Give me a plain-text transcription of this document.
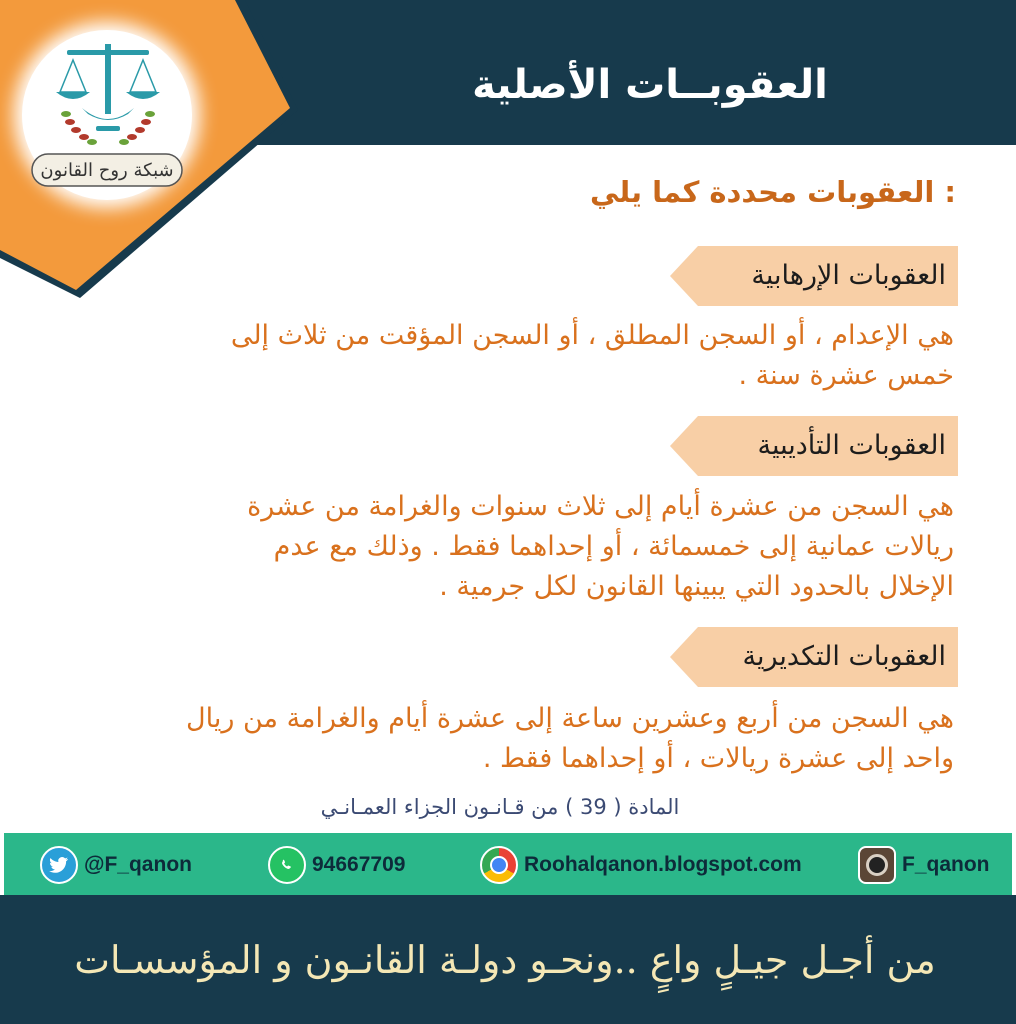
العقوبــات الأصلية
شبكة روح القانون
العقوبات محددة كما يلي :
العقوبات الإرهابية
هي الإعدام ، أو السجن المطلق ، أو السجن المؤقت من ثلاث إلى
خمس عشرة سنة .
العقوبات التأديبية
هي السجن من عشرة أيام إلى ثلاث سنوات والغرامة من عشرة
ريالات عمانية إلى خمسمائة ، أو إحداهما فقط . وذلك مع عدم
الإخلال بالحدود التي يبينها القانون لكل جرمية .
العقوبات التكديرية
هي السجن من أربع وعشرين ساعة إلى عشرة أيام والغرامة من ريال
واحد إلى عشرة ريالات ، أو إحداهما فقط .
المادة ( 39 ) من قـانـون الجزاء العمـانـي
@F_qanon	94667709	Roohalqanon.blogspot.com	F_qanon
من أجـل جيـلٍ واعٍ ..ونحـو دولـة القانـون و المؤسسـات
